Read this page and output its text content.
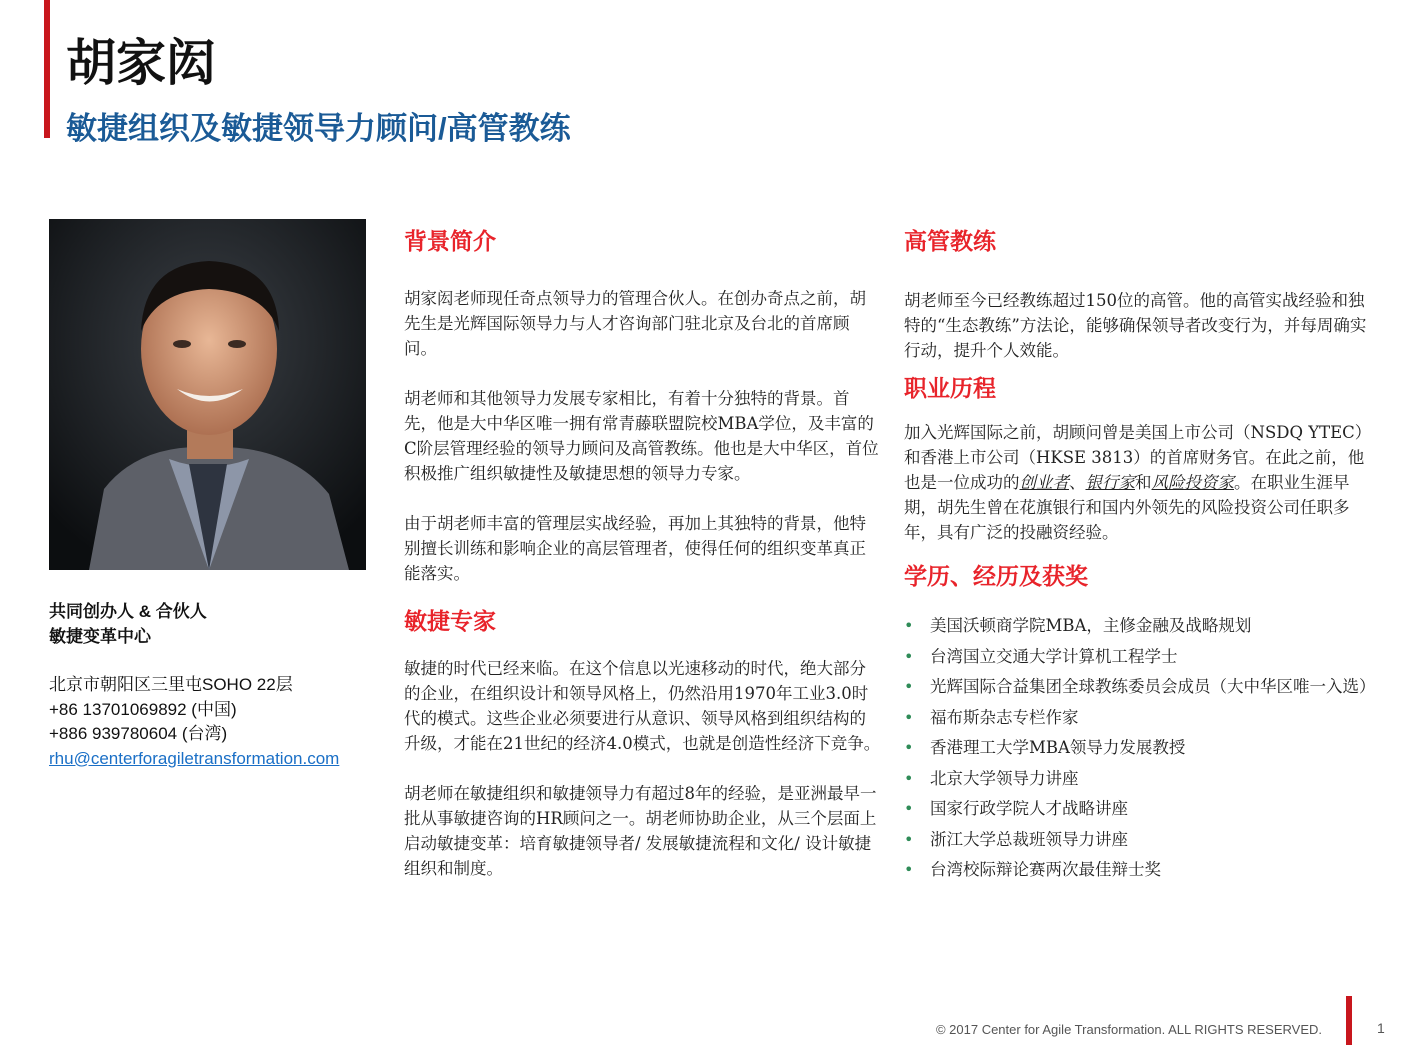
胡家闳
敏捷组织及敏捷领导力顾问/高管教练

共同创办人 & 合伙人

敏捷变革中心

北京市朝阳区三里屯SOHO 22层

+86 13701069892 (中国)

+886 939780604 (台湾)

rhu@centerforagiletransformation.com

背景简介

胡家闳老师现任奇点领导力的管理合伙人。在创办奇点之前，胡先生是光辉国际领导力与人才咨询部门驻北京及台北的首席顾问。

胡老师和其他领导力发展专家相比，有着十分独特的背景。首先，他是大中华区唯一拥有常青藤联盟院校MBA学位，及丰富的C阶层管理经验的领导力顾问及高管教练。他也是大中华区，首位积极推广组织敏捷性及敏捷思想的领导力专家。

由于胡老师丰富的管理层实战经验，再加上其独特的背景，他特别擅长训练和影响企业的高层管理者，使得任何的组织变革真正能落实。

敏捷专家

敏捷的时代已经来临。在这个信息以光速移动的时代，绝大部分的企业，在组织设计和领导风格上，仍然沿用1970年工业3.0时代的模式。这些企业必须要进行从意识、领导风格到组织结构的升级，才能在21世纪的经济4.0模式，也就是创造性经济下竞争。

胡老师在敏捷组织和敏捷领导力有超过8年的经验，是亚洲最早一批从事敏捷咨询的HR顾问之一。胡老师协助企业，从三个层面上启动敏捷变革：培育敏捷领导者/ 发展敏捷流程和文化/ 设计敏捷组织和制度。

高管教练

胡老师至今已经教练超过150位的高管。他的高管实战经验和独特的“生态教练”方法论，能够确保领导者改变行为，并每周确实行动，提升个人效能。

职业历程

加入光辉国际之前，胡顾问曾是美国上市公司（NSDQ YTEC）和香港上市公司（HKSE 3813）的首席财务官。在此之前，他也是一位成功的创业者、银行家和风险投资家。在职业生涯早期，胡先生曾在花旗银行和国内外领先的风险投资公司任职多年，具有广泛的投融资经验。

学历、经历及获奖
• 美国沃顿商学院MBA，主修金融及战略规划
• 台湾国立交通大学计算机工程学士
• 光辉国际合益集团全球教练委员会成员（大中华区唯一入选）
• 福布斯杂志专栏作家
• 香港理工大学MBA领导力发展教授
• 北京大学领导力讲座
• 国家行政学院人才战略讲座
• 浙江大学总裁班领导力讲座
• 台湾校际辩论赛两次最佳辩士奖
© 2017 Center for Agile Transformation. ALL RIGHTS RESERVED.	1
